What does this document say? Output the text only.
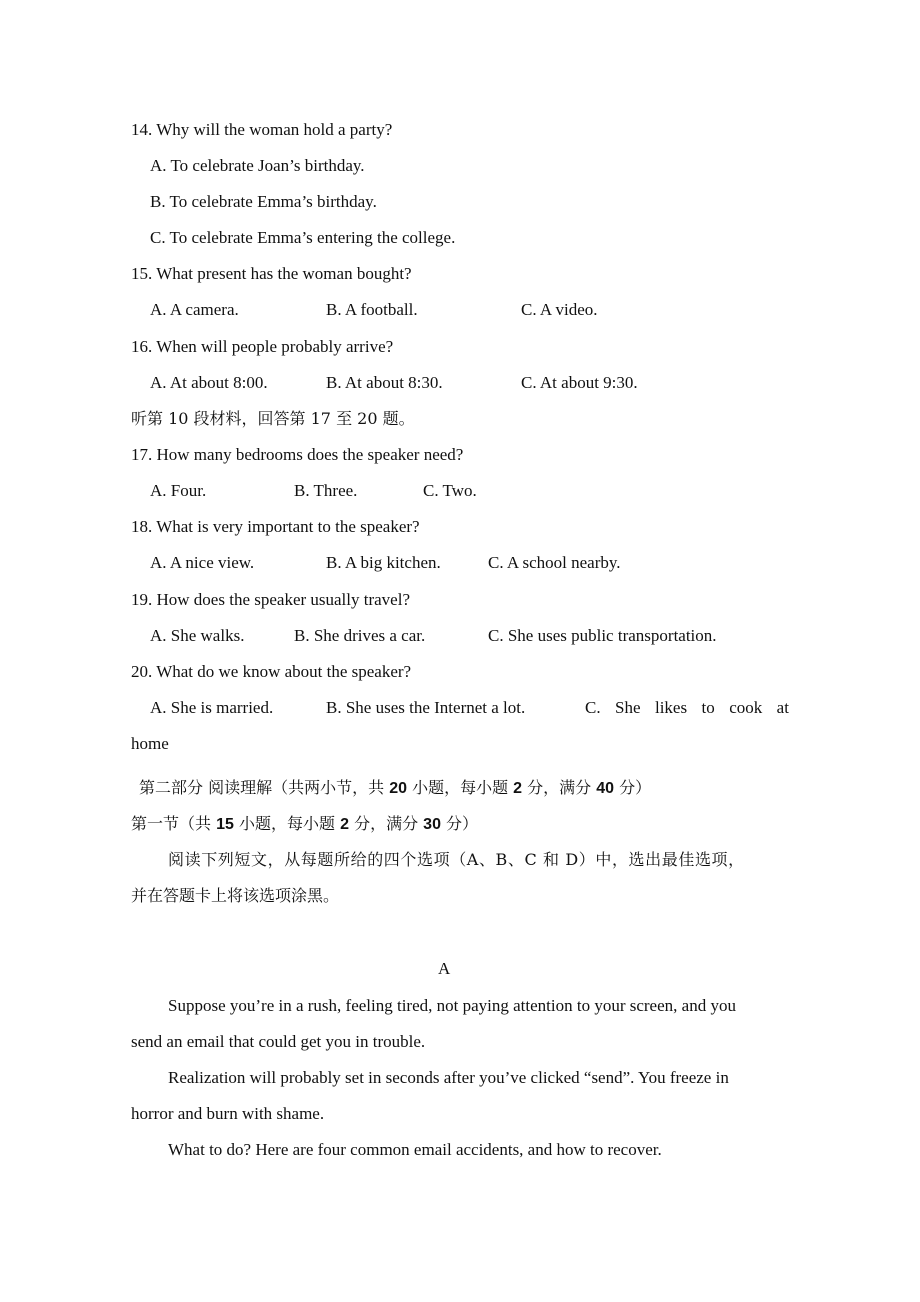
14. Why will the woman hold a party?
A. To celebrate Joan’s birthday.
B. To celebrate Emma’s birthday.
C. To celebrate Emma’s entering the college.
15. What present has the woman bought?
A. A camera.	B. A football.	C. A video.
16. When will people probably arrive?
A. At about 8:00.	B. At about 8:30.	C. At about 9:30.
听第 10 段材料，回答第 17 至 20 题。
17. How many bedrooms does the speaker need?
A. Four.	B. Three.	C. Two.
18. What is very important to the speaker?
A. A nice view.	B. A big kitchen.	C. A school nearby.
19. How does the speaker usually travel?
A. She walks.	B. She drives a car.	C. She uses public transportation.
20. What do we know about the speaker?
A. She is married.	B. She uses the Internet a lot.	C. She likes to cook at
home
第二部分 阅读理解（共两小节，共 20 小题，每小题 2 分，满分 40 分）
第一节（共 15 小题，每小题 2 分，满分 30 分）
阅读下列短文，从每题所给的四个选项（A、B、C 和 D）中，选出最佳选项，
并在答题卡上将该选项涂黑。
A
Suppose you’re in a rush, feeling tired, not paying attention to your screen, and you
send an email that could get you in trouble.
Realization will probably set in seconds after you’ve clicked “send”. You freeze in
horror and burn with shame.
What to do? Here are four common email accidents, and how to recover.
